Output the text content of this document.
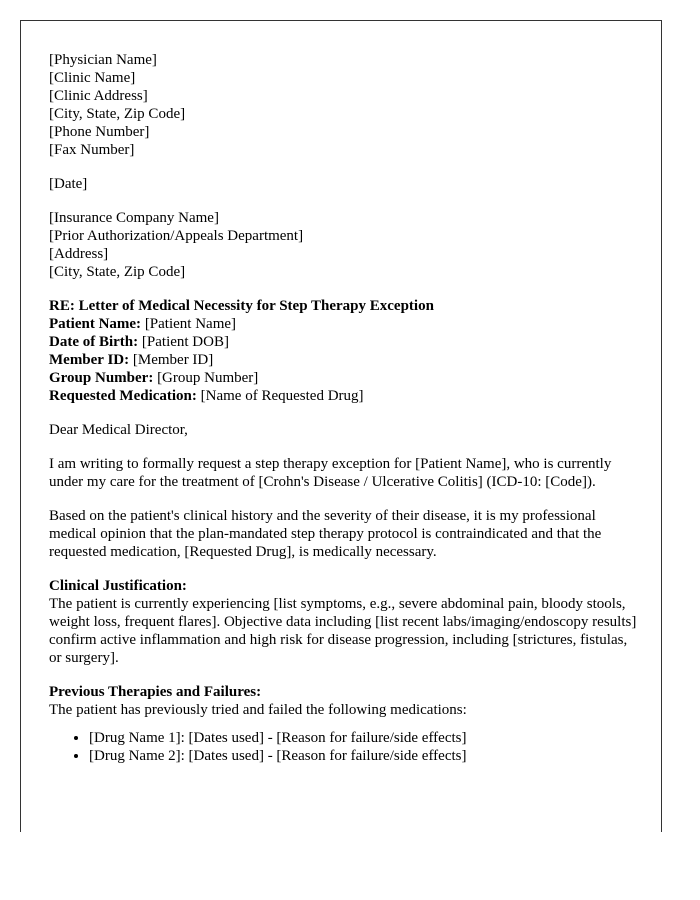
[Physician Name]
[Clinic Name]
[Clinic Address]
[City, State, Zip Code]
[Phone Number]
[Fax Number]

[Date]

[Insurance Company Name]
[Prior Authorization/Appeals Department]
[Address]
[City, State, Zip Code]

RE: Letter of Medical Necessity for Step Therapy Exception
Patient Name: [Patient Name]
Date of Birth: [Patient DOB]
Member ID: [Member ID]
Group Number: [Group Number]
Requested Medication: [Name of Requested Drug]

Dear Medical Director,

I am writing to formally request a step therapy exception for [Patient Name], who is currently under my care for the treatment of [Crohn's Disease / Ulcerative Colitis] (ICD-10: [Code]).

Based on the patient's clinical history and the severity of their disease, it is my professional medical opinion that the plan-mandated step therapy protocol is contraindicated and that the requested medication, [Requested Drug], is medically necessary.

Clinical Justification:
The patient is currently experiencing [list symptoms, e.g., severe abdominal pain, bloody stools, weight loss, frequent flares]. Objective data including [list recent labs/imaging/endoscopy results] confirm active inflammation and high risk for disease progression, including [strictures, fistulas, or surgery].

Previous Therapies and Failures:
The patient has previously tried and failed the following medications:

• [Drug Name 1]: [Dates used] - [Reason for failure/side effects]
• [Drug Name 2]: [Dates used] - [Reason for failure/side effects]
